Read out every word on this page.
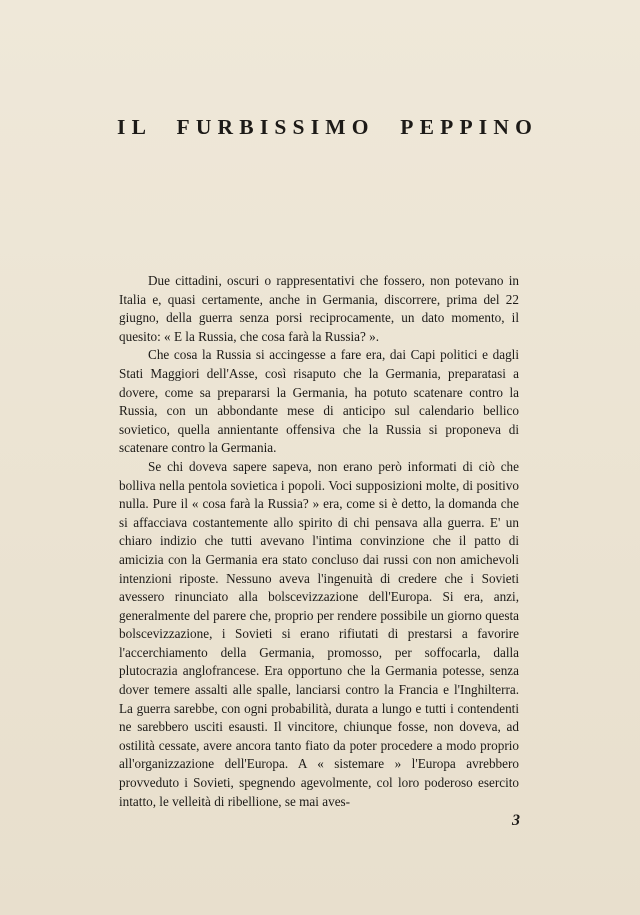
IL FURBISSIMO PEPPINO

Due cittadini, oscuri o rappresentativi che fossero, non potevano in Italia e, quasi certamente, anche in Germania, discorrere, prima del 22 giugno, della guerra senza porsi reciprocamente, un dato momento, il quesito: « E la Russia, che cosa farà la Russia? ».

Che cosa la Russia si accingesse a fare era, dai Capi politici e dagli Stati Maggiori dell'Asse, così risaputo che la Germania, preparatasi a dovere, come sa prepararsi la Germania, ha potuto scatenare contro la Russia, con un abbondante mese di anticipo sul calendario bellico sovietico, quella annientante offensiva che la Russia si proponeva di scatenare contro la Germania.

Se chi doveva sapere sapeva, non erano però informati di ciò che bolliva nella pentola sovietica i popoli. Voci supposizioni molte, di positivo nulla. Pure il « cosa farà la Russia? » era, come si è detto, la domanda che si affacciava costantemente allo spirito di chi pensava alla guerra. E' un chiaro indizio che tutti avevano l'intima convinzione che il patto di amicizia con la Germania era stato concluso dai russi con non amichevoli intenzioni riposte. Nessuno aveva l'ingenuità di credere che i Sovieti avessero rinunciato alla bolscevizzazione dell'Europa. Si era, anzi, generalmente del parere che, proprio per rendere possibile un giorno questa bolscevizzazione, i Sovieti si erano rifiutati di prestarsi a favorire l'accerchiamento della Germania, promosso, per soffocarla, dalla plutocrazia anglofrancese. Era opportuno che la Germania potesse, senza dover temere assalti alle spalle, lanciarsi contro la Francia e l'Inghilterra. La guerra sarebbe, con ogni probabilità, durata a lungo e tutti i contendenti ne sarebbero usciti esausti. Il vincitore, chiunque fosse, non doveva, ad ostilità cessate, avere ancora tanto fiato da poter procedere a modo proprio all'organizzazione dell'Europa. A « sistemare » l'Europa avrebbero provveduto i Sovieti, spegnendo agevolmente, col loro poderoso esercito intatto, le velleità di ribellione, se mai aves-

3
